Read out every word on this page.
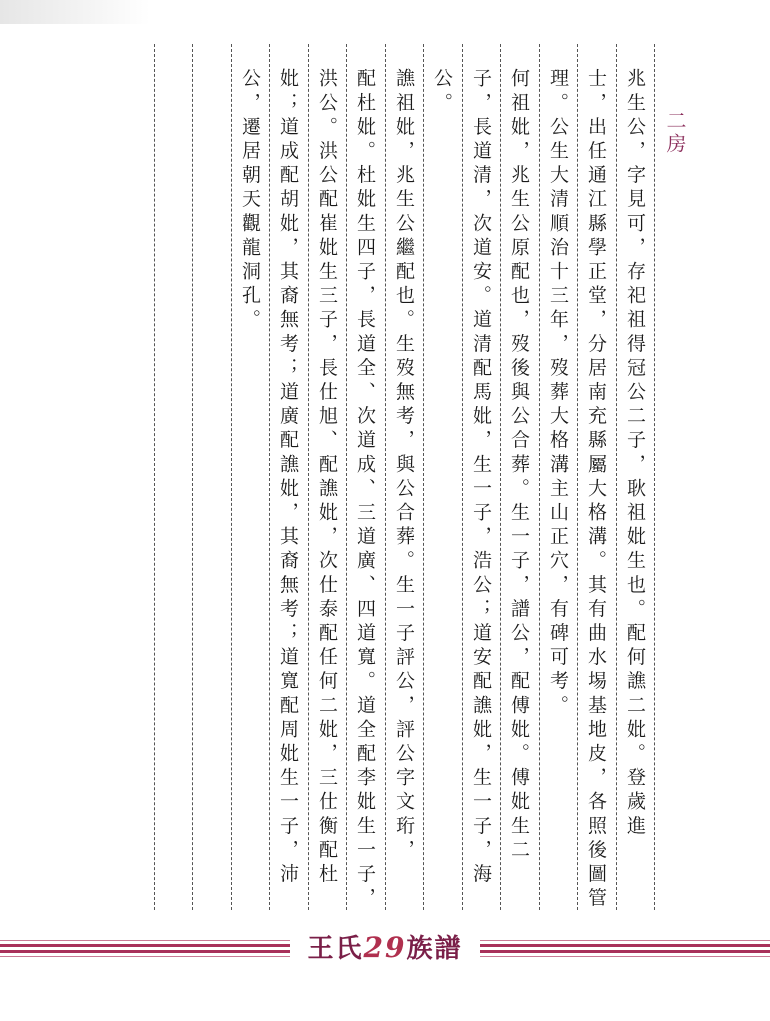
二房
兆生公，字見可，存祀祖得冠公二子，耿祖妣生也。配何譙二妣。登歲進
士，出任通江縣學正堂，分居南充縣屬大格溝。其有曲水埸基地皮，各照後圖管
理。公生大清順治十三年，歿葬大格溝主山正穴，有碑可考。
何祖妣，兆生公原配也，歿後與公合葬。生一子，譜公，配傅妣。傅妣生二
子，長道清，次道安。道清配馬妣，生一子，浩公；道安配譙妣，生一子，海
公。
譙祖妣，兆生公繼配也。生歿無考，與公合葬。生一子評公，評公字文珩，
配杜妣。杜妣生四子，長道全、次道成、三道廣、四道寬。道全配李妣生一子，
洪公。洪公配崔妣生三子，長仕旭、配譙妣，次仕泰配任何二妣，三仕衡配杜
妣；道成配胡妣，其裔無考；道廣配譙妣，其裔無考；道寬配周妣生一子，沛
公，遷居朝天觀龍洞孔。
王氏29族譜
